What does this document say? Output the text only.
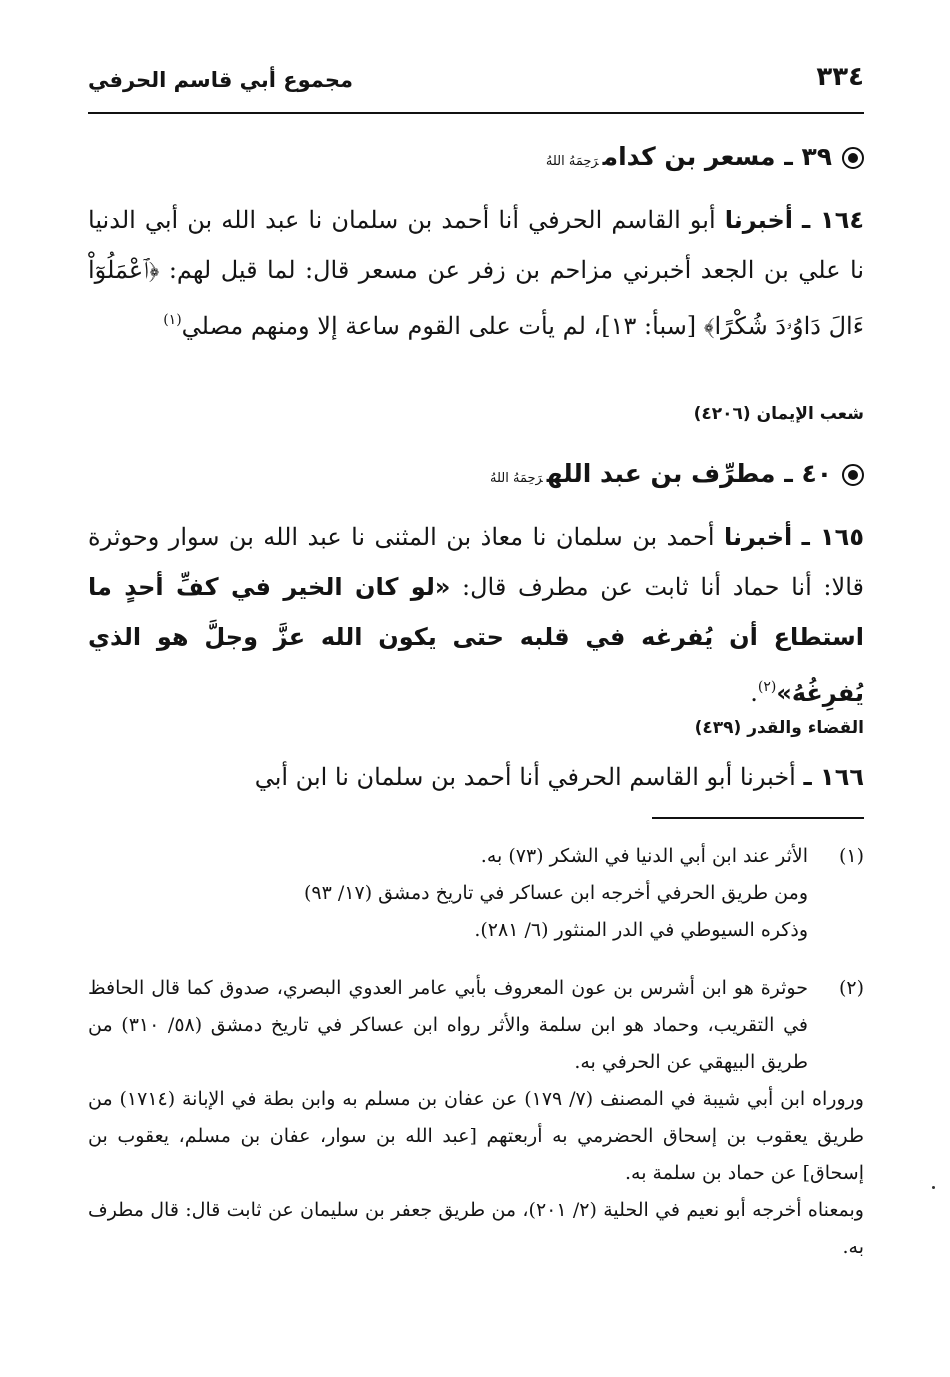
٣٣٤
مجموع أبي قاسم الحرفي
٣٩ ـ مسعر بن كدامرَحِمَهُ اللهُ
١٦٤ ـ أخبرنا أبو القاسم الحرفي أنا أحمد بن سلمان نا عبد الله بن أبي الدنيا نا علي بن الجعد أخبرني مزاحم بن زفر عن مسعر قال: لما قيل لهم: ﴿ٱعْمَلُوٓاْ ءَالَ دَاوُۥدَ شُكْرًا﴾ [سبأ: ١٣]، لم يأت على القوم ساعة إلا ومنهم مصلي$^{(١)}$
شعب الإيمان (٤٢٠٦)
٤٠ ـ مطرِّف بن عبد اللهرَحِمَهُ اللهُ
١٦٥ ـ أخبرنا أحمد بن سلمان نا معاذ بن المثنى نا عبد الله بن سوار وحوثرة قالا: أنا حماد أنا ثابت عن مطرف قال: «لو كان الخير في كفِّ أحدٍ ما استطاع أن يُفرغه في قلبه حتى يكون الله عزَّ وجلَّ هو الذي يُفرِغُهُ»$^{(٢)}$.
القضاء والقدر (٤٣٩)
١٦٦ ـ أخبرنا أبو القاسم الحرفي أنا أحمد بن سلمان نا ابن أبي
(١)
الأثر عند ابن أبي الدنيا في الشكر (٧٣) به.
ومن طريق الحرفي أخرجه ابن عساكر في تاريخ دمشق (١٧/ ٩٣)
وذكره السيوطي في الدر المنثور (٦/ ٢٨١).
(٢)
حوثرة هو ابن أشرس بن عون المعروف بأبي عامر العدوي البصري، صدوق كما قال الحافظ في التقريب، وحماد هو ابن سلمة والأثر رواه ابن عساكر في تاريخ دمشق (٥٨/ ٣١٠) من طريق البيهقي عن الحرفي به.
وروراه ابن أبي شيبة في المصنف (٧/ ١٧٩) عن عفان بن مسلم به وابن بطة في الإبانة (١٧١٤) من طريق يعقوب بن إسحاق الحضرمي به أربعتهم [عبد الله بن سوار، عفان بن مسلم، يعقوب بن إسحاق] عن حماد بن سلمة به.
وبمعناه أخرجه أبو نعيم في الحلية (٢/ ٢٠١)، من طريق جعفر بن سليمان عن ثابت قال: قال مطرف به.
